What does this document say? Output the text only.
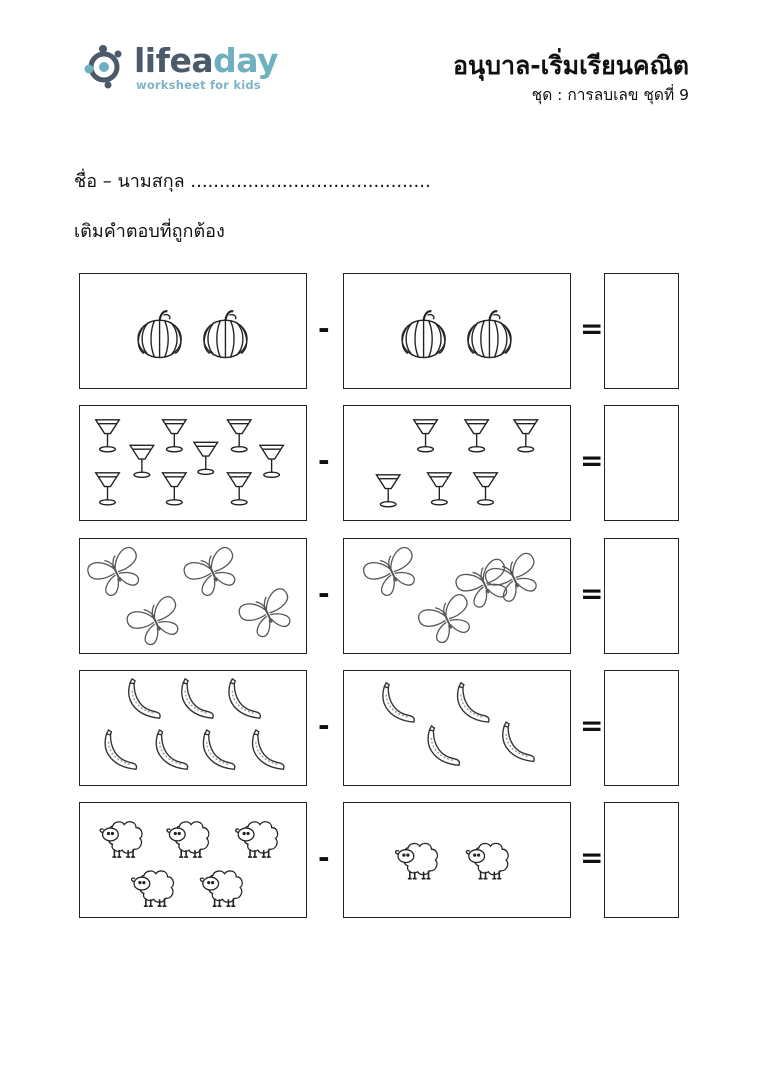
lifeaday
worksheet for kids
อนุบาล-เริ่มเรียนคณิต
ชุด : การลบเลข ชุดที่ 9
ชื่อ – นามสกุล ..........................................
เติมคำตอบที่ถูกต้อง
-	=
-	=
-	=
-	=
-	=
